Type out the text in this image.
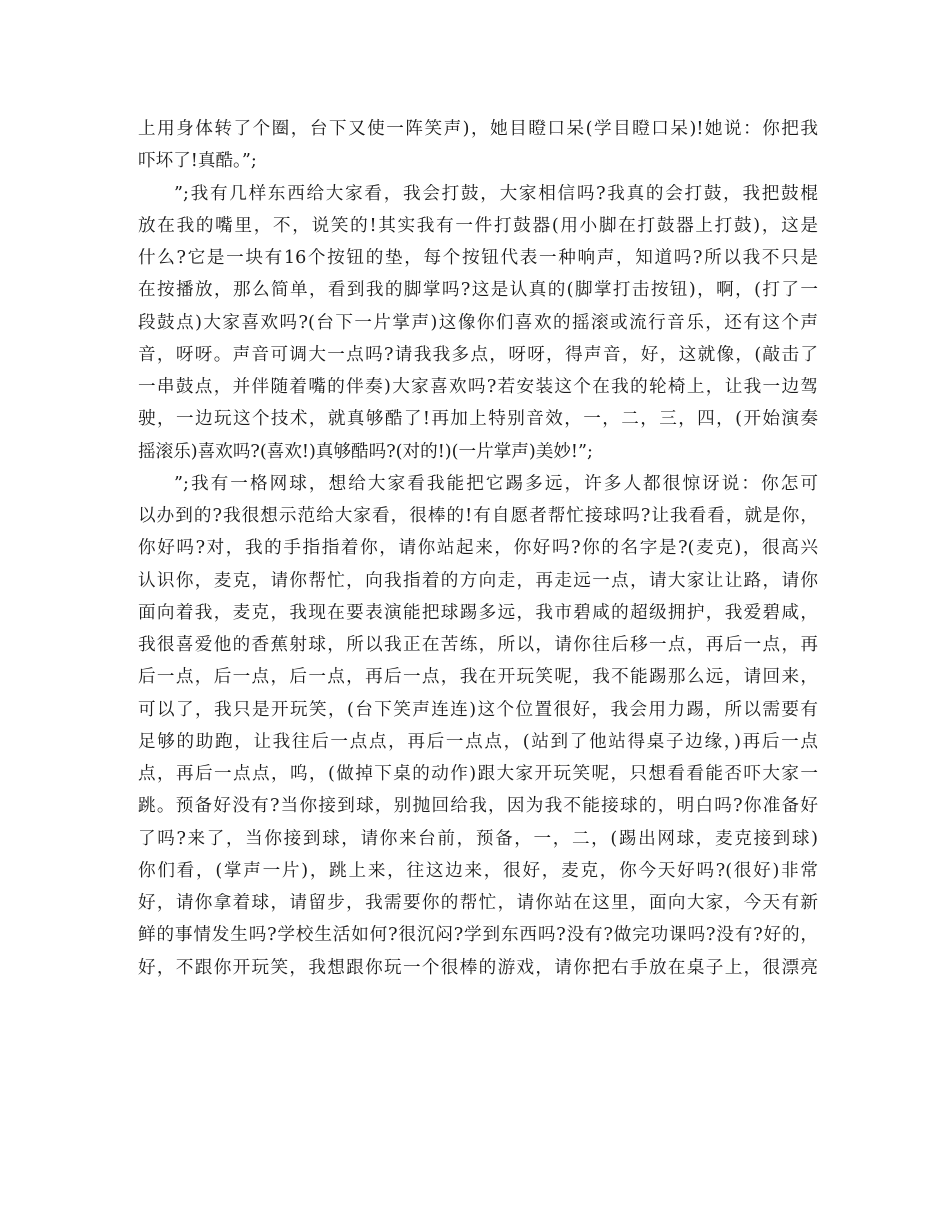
上用身体转了个圈，台下又使一阵笑声)，她目瞪口呆(学目瞪口呆)!她说：你把我
吓坏了!真酷。”;
”;我有几样东西给大家看，我会打鼓，大家相信吗?我真的会打鼓，我把鼓棍
放在我的嘴里，不，说笑的!其实我有一件打鼓器(用小脚在打鼓器上打鼓)，这是
什么?它是一块有16个按钮的垫，每个按钮代表一种响声，知道吗?所以我不只是
在按播放，那么简单，看到我的脚掌吗?这是认真的(脚掌打击按钮)，啊，(打了一
段鼓点)大家喜欢吗?(台下一片掌声)这像你们喜欢的摇滚或流行音乐，还有这个声
音，呀呀。声音可调大一点吗?请我我多点，呀呀，得声音，好，这就像，(敲击了
一串鼓点，并伴随着嘴的伴奏)大家喜欢吗?若安装这个在我的轮椅上，让我一边驾
驶，一边玩这个技术，就真够酷了!再加上特别音效，一，二，三，四，(开始演奏
摇滚乐)喜欢吗?(喜欢!)真够酷吗?(对的!)(一片掌声)美妙!”;
”;我有一格网球，想给大家看我能把它踢多远，许多人都很惊讶说：你怎可
以办到的?我很想示范给大家看，很棒的!有自愿者帮忙接球吗?让我看看，就是你，
你好吗?对，我的手指指着你，请你站起来，你好吗?你的名字是?(麦克)，很高兴
认识你，麦克，请你帮忙，向我指着的方向走，再走远一点，请大家让让路，请你
面向着我，麦克，我现在要表演能把球踢多远，我市碧咸的超级拥护，我爱碧咸，
我很喜爱他的香蕉射球，所以我正在苦练，所以，请你往后移一点，再后一点，再
后一点，后一点，后一点，再后一点，我在开玩笑呢，我不能踢那么远，请回来，
可以了，我只是开玩笑，(台下笑声连连)这个位置很好，我会用力踢，所以需要有
足够的助跑，让我往后一点点，再后一点点，(站到了他站得桌子边缘，)再后一点
点，再后一点点，呜，(做掉下桌的动作)跟大家开玩笑呢，只想看看能否吓大家一
跳。预备好没有?当你接到球，别抛回给我，因为我不能接球的，明白吗?你准备好
了吗?来了，当你接到球，请你来台前，预备，一，二，(踢出网球，麦克接到球)
你们看，(掌声一片)，跳上来，往这边来，很好，麦克，你今天好吗?(很好)非常
好，请你拿着球，请留步，我需要你的帮忙，请你站在这里，面向大家，今天有新
鲜的事情发生吗?学校生活如何?很沉闷?学到东西吗?没有?做完功课吗?没有?好的，
好，不跟你开玩笑，我想跟你玩一个很棒的游戏，请你把右手放在桌子上，很漂亮
